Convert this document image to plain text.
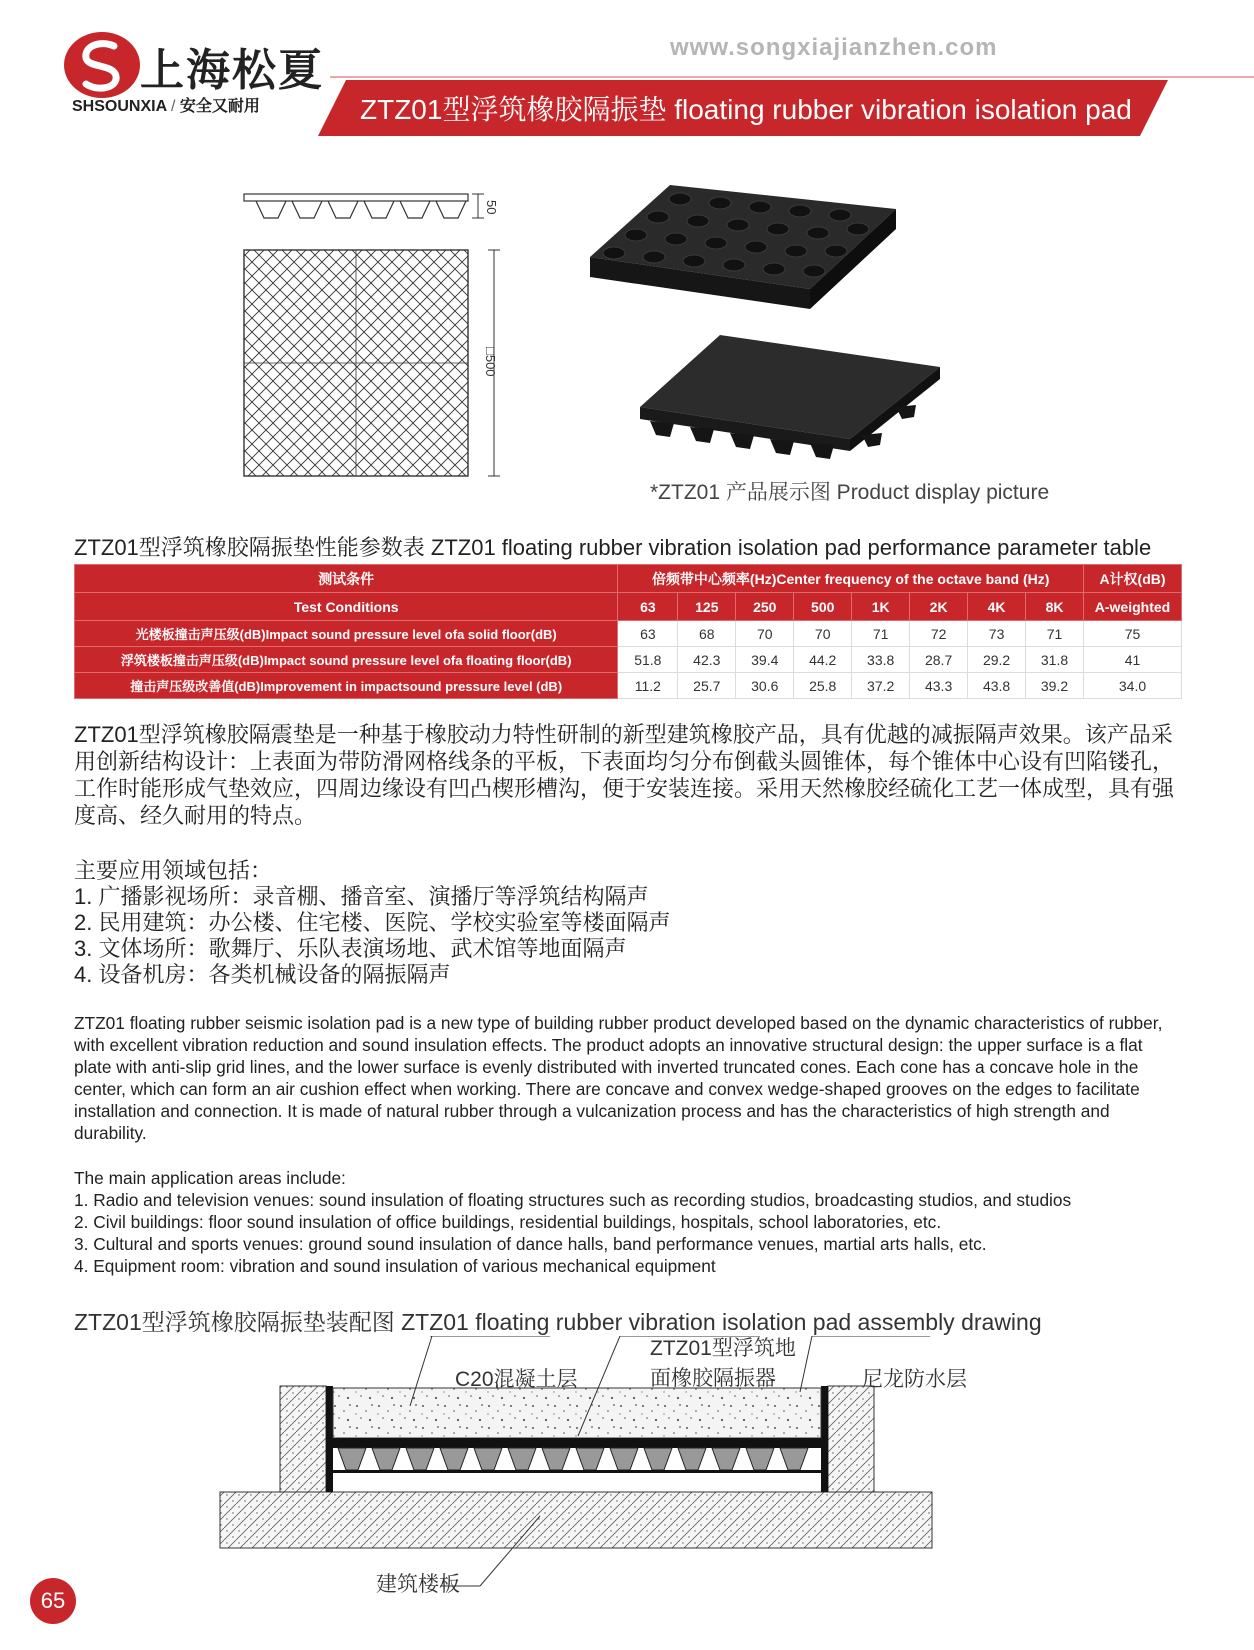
上海松夏
SHSOUNXIA / 安全又耐用
www.songxiajianzhen.com
ZTZ01型浮筑橡胶隔振垫 floating rubber vibration isolation pad
50
□500
*ZTZ01 产品展示图 Product display picture
ZTZ01型浮筑橡胶隔振垫性能参数表 ZTZ01 floating rubber vibration isolation pad performance parameter table
测试条件	倍频带中心频率(Hz)Center frequency of the octave band (Hz)								A计权(dB)
Test Conditions	63	125	250	500	1K	2K	4K	8K	A-weighted
光楼板撞击声压级(dB)Impact sound pressure level ofa solid floor(dB)	63	68	70	70	71	72	73	71	75
浮筑楼板撞击声压级(dB)Impact sound pressure level ofa floating floor(dB)	51.8	42.3	39.4	44.2	33.8	28.7	29.2	31.8	41
撞击声压级改善值(dB)Improvement in impactsound pressure level (dB)	11.2	25.7	30.6	25.8	37.2	43.3	43.8	39.2	34.0
ZTZ01型浮筑橡胶隔震垫是一种基于橡胶动力特性研制的新型建筑橡胶产品，具有优越的减振隔声效果。该产品采用创新结构设计：上表面为带防滑网格线条的平板，下表面均匀分布倒截头圆锥体，每个锥体中心设有凹陷镂孔，工作时能形成气垫效应，四周边缘设有凹凸楔形槽沟，便于安装连接。采用天然橡胶经硫化工艺一体成型，具有强度高、经久耐用的特点。
主要应用领域包括：
1. 广播影视场所：录音棚、播音室、演播厅等浮筑结构隔声
2. 民用建筑：办公楼、住宅楼、医院、学校实验室等楼面隔声
3. 文体场所：歌舞厅、乐队表演场地、武术馆等地面隔声
4. 设备机房：各类机械设备的隔振隔声
ZTZ01 floating rubber seismic isolation pad is a new type of building rubber product developed based on the dynamic characteristics of rubber, with excellent vibration reduction and sound insulation effects. The product adopts an innovative structural design: the upper surface is a flat plate with anti-slip grid lines, and the lower surface is evenly distributed with inverted truncated cones. Each cone has a concave hole in the center, which can form an air cushion effect when working. There are concave and convex wedge-shaped grooves on the edges to facilitate installation and connection. It is made of natural rubber through a vulcanization process and has the characteristics of high strength and durability.
The main application areas include:
1. Radio and television venues: sound insulation of floating structures such as recording studios, broadcasting studios, and studios
2. Civil buildings: floor sound insulation of office buildings, residential buildings, hospitals, school laboratories, etc.
3. Cultural and sports venues: ground sound insulation of dance halls, band performance venues, martial arts halls, etc.
4. Equipment room: vibration and sound insulation of various mechanical equipment
ZTZ01型浮筑橡胶隔振垫装配图 ZTZ01 floating rubber vibration isolation pad assembly drawing
C20混凝土层
ZTZ01型浮筑地
面橡胶隔振器	尼龙防水层
建筑楼板
65
